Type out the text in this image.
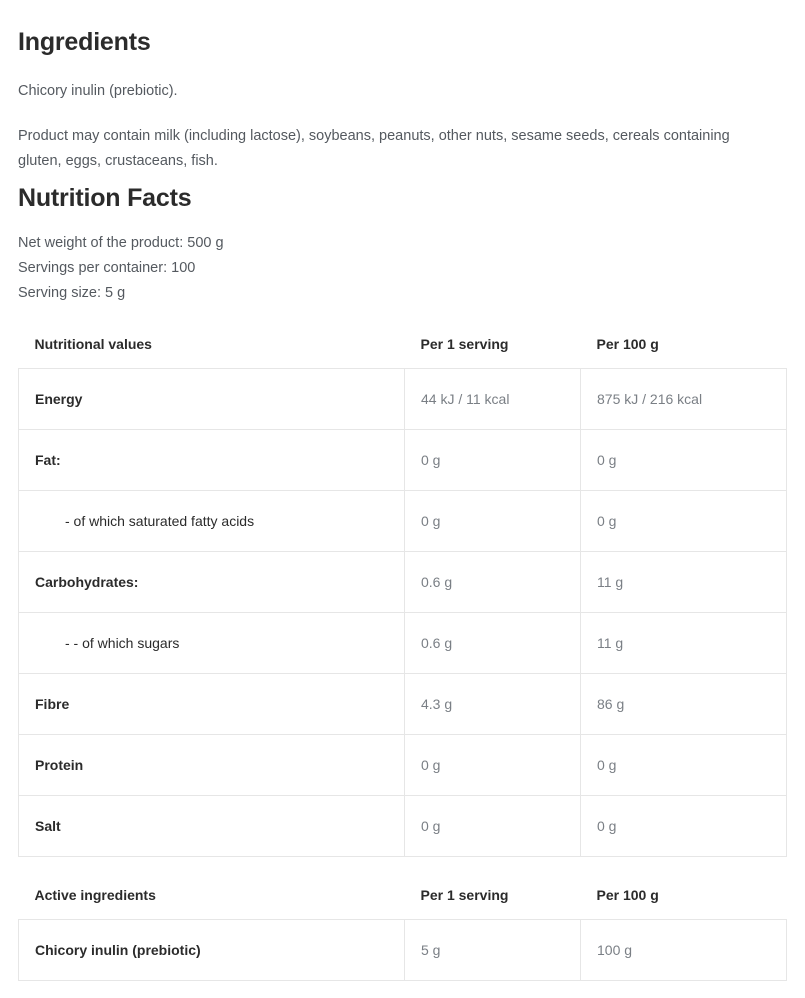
Ingredients

Chicory inulin (prebiotic).

Product may contain milk (including lactose), soybeans, peanuts, other nuts, sesame seeds, cereals containing gluten, eggs, crustaceans, fish.

Nutrition Facts
Net weight of the product: 500 g
Servings per container: 100
Serving size: 5 g
Nutritional values	Per 1 serving	Per 100 g
Energy	44 kJ / 11 kcal	875 kJ / 216 kcal
Fat:	0 g	0 g
- of which saturated fatty acids	0 g	0 g
Carbohydrates:	0.6 g	11 g
- - of which sugars	0.6 g	11 g
Fibre	4.3 g	86 g
Protein	0 g	0 g
Salt	0 g	0 g
Active ingredients	Per 1 serving	Per 100 g
Chicory inulin (prebiotic)	5 g	100 g
